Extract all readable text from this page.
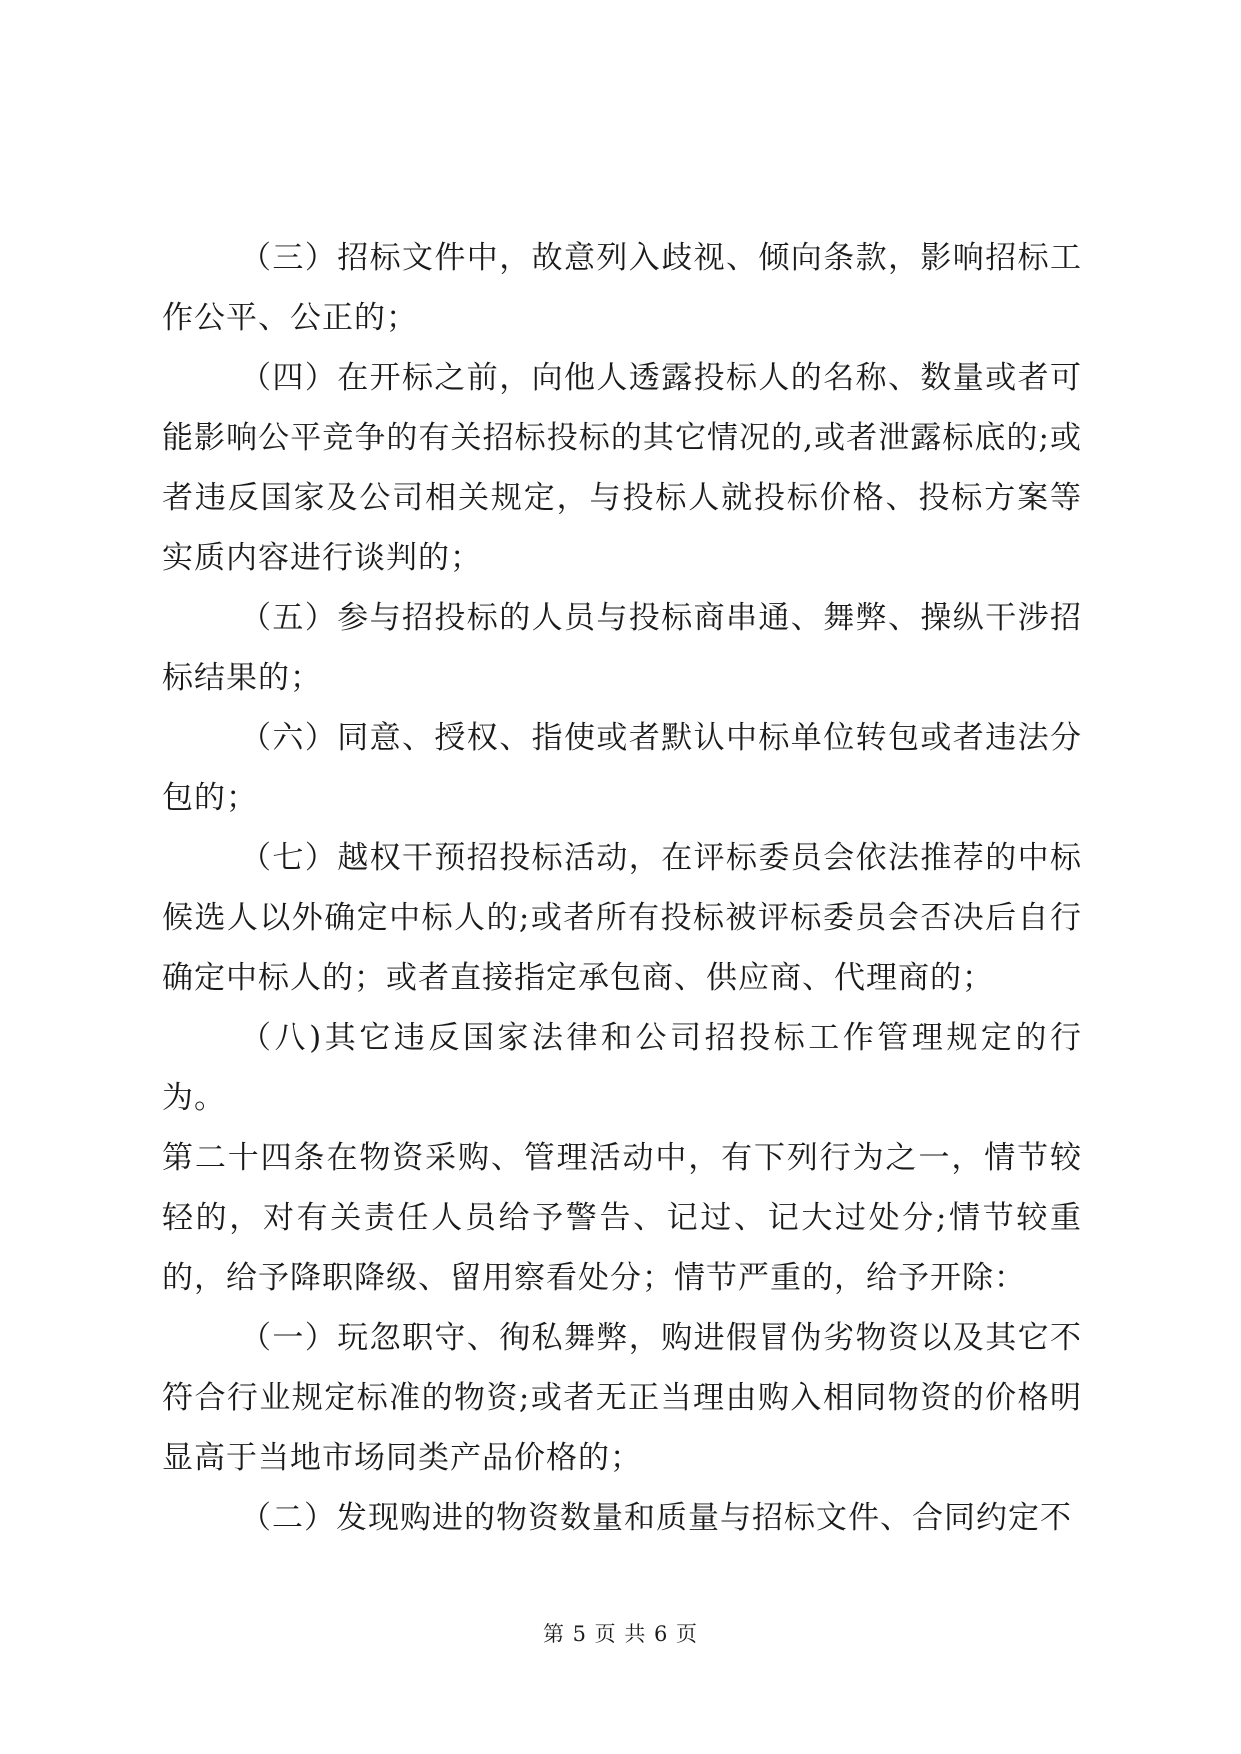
（三）招标文件中，故意列入歧视、倾向条款，影响招标工作公平、公正的；

（四）在开标之前，向他人透露投标人的名称、数量或者可能影响公平竞争的有关招标投标的其它情况的,或者泄露标底的;或者违反国家及公司相关规定，与投标人就投标价格、投标方案等实质内容进行谈判的；

（五）参与招投标的人员与投标商串通、舞弊、操纵干涉招标结果的；

（六）同意、授权、指使或者默认中标单位转包或者违法分包的；

（七）越权干预招投标活动，在评标委员会依法推荐的中标候选人以外确定中标人的;或者所有投标被评标委员会否决后自行确定中标人的；或者直接指定承包商、供应商、代理商的；

（八)其它违反国家法律和公司招投标工作管理规定的行为。

第二十四条在物资采购、管理活动中，有下列行为之一，情节较轻的，对有关责任人员给予警告、记过、记大过处分;情节较重的，给予降职降级、留用察看处分；情节严重的，给予开除：

（一）玩忽职守、徇私舞弊，购进假冒伪劣物资以及其它不符合行业规定标准的物资;或者无正当理由购入相同物资的价格明显高于当地市场同类产品价格的；

（二）发现购进的物资数量和质量与招标文件、合同约定不

第 5 页 共 6 页
